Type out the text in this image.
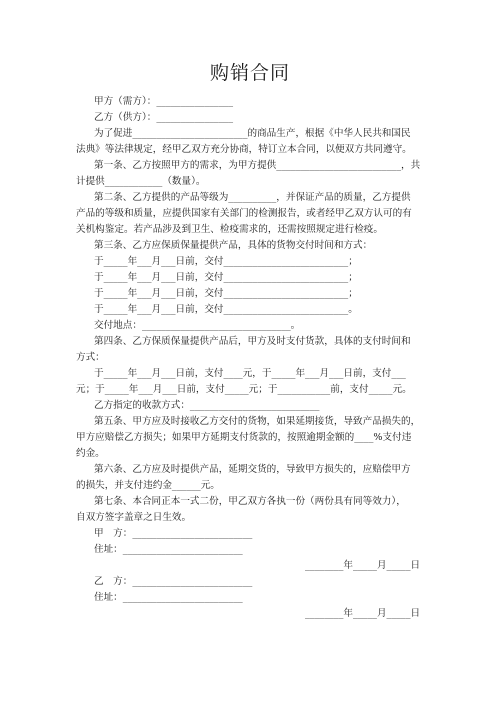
购销合同
甲方（需方）：________________
乙方（供方）：________________
为了促进________________________的商品生产，根据《中华人民共和国民
法典》等法律规定，经甲乙双方充分协商，特订立本合同，以便双方共同遵守。
第一条、乙方按照甲方的需求，为甲方提供__________________________，共
计提供____________（数量）。
第二条、乙方提供的产品等级为__________，并保证产品的质量，乙方提供
产品的等级和质量，应提供国家有关部门的检测报告，或者经甲乙双方认可的有
关机构鉴定。若产品涉及到卫生、检疫需求的，还需按照规定进行检疫。
第三条、乙方应保质保量提供产品，具体的货物交付时间和方式：
于_____年___月___日前，交付__________________________；
于_____年___月___日前，交付__________________________；
于_____年___月___日前，交付__________________________；
于_____年___月___日前，交付__________________________。
交付地点：_______________________________。
第四条、乙方保质保量提供产品后，甲方及时支付货款，具体的支付时间和
方式：
于_____年___月___日前，支付____元，于_____年___月___日前，支付___
元；于_____年___月___日前，支付_____元；于___________前，支付_____元。
乙方指定的收款方式：___________________________
第五条、甲方应及时接收乙方交付的货物，如果延期接货，导致产品损失的，
甲方应赔偿乙方损失；如果甲方延期支付货款的，按照逾期金额的____%支付违
约金。
第六条、乙方应及时提供产品，延期交货的，导致甲方损失的，应赔偿甲方
的损失，并支付违约金______元。
第七条、本合同正本一式二份，甲乙双方各执一份（两份具有同等效力），
自双方签字盖章之日生效。
甲　方：_________________________
住址：_________________________
________年_____月_____日
乙　方：_________________________
住址：_________________________
________年_____月_____日
